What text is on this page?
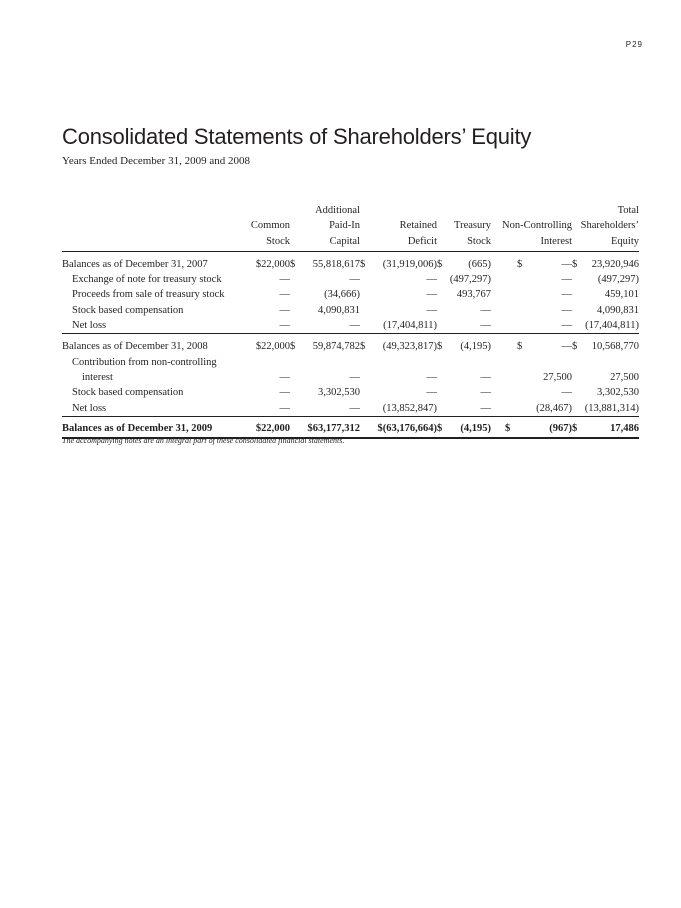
P29
Consolidated Statements of Shareholders’ Equity
Years Ended December 31, 2009 and 2008
		Additional				Total
	Common	Paid-In	Retained	Treasury	Non-Controlling	Shareholders’
	Stock	Capital	Deficit	Stock	Interest	Equity
Balances as of December 31, 2007	$22,000	$ 55,818,617	$ (31,919,006)	$ (665)	$ —	$ 23,920,946
Exchange of note for treasury stock	—	—	—	(497,297)	—	(497,297)
Proceeds from sale of treasury stock	—	(34,666)	—	493,767	—	459,101
Stock based compensation	—	4,090,831	—	—	—	4,090,831
Net loss	—	—	(17,404,811)	—	—	(17,404,811)
Balances as of December 31, 2008	$22,000	$ 59,874,782	$ (49,323,817)	$ (4,195)	$ —	$ 10,568,770
Contribution from non-controlling						
interest	—	—	—	—	27,500	27,500
Stock based compensation	—	3,302,530	—	—	—	3,302,530
Net loss	—	—	(13,852,847)	—	(28,467)	(13,881,314)
Balances as of December 31, 2009	$22,000	$63,177,312	$(63,176,664)	$ (4,195)	$ (967)	$ 17,486
The accompanying notes are an integral part of these consolidated financial statements.
